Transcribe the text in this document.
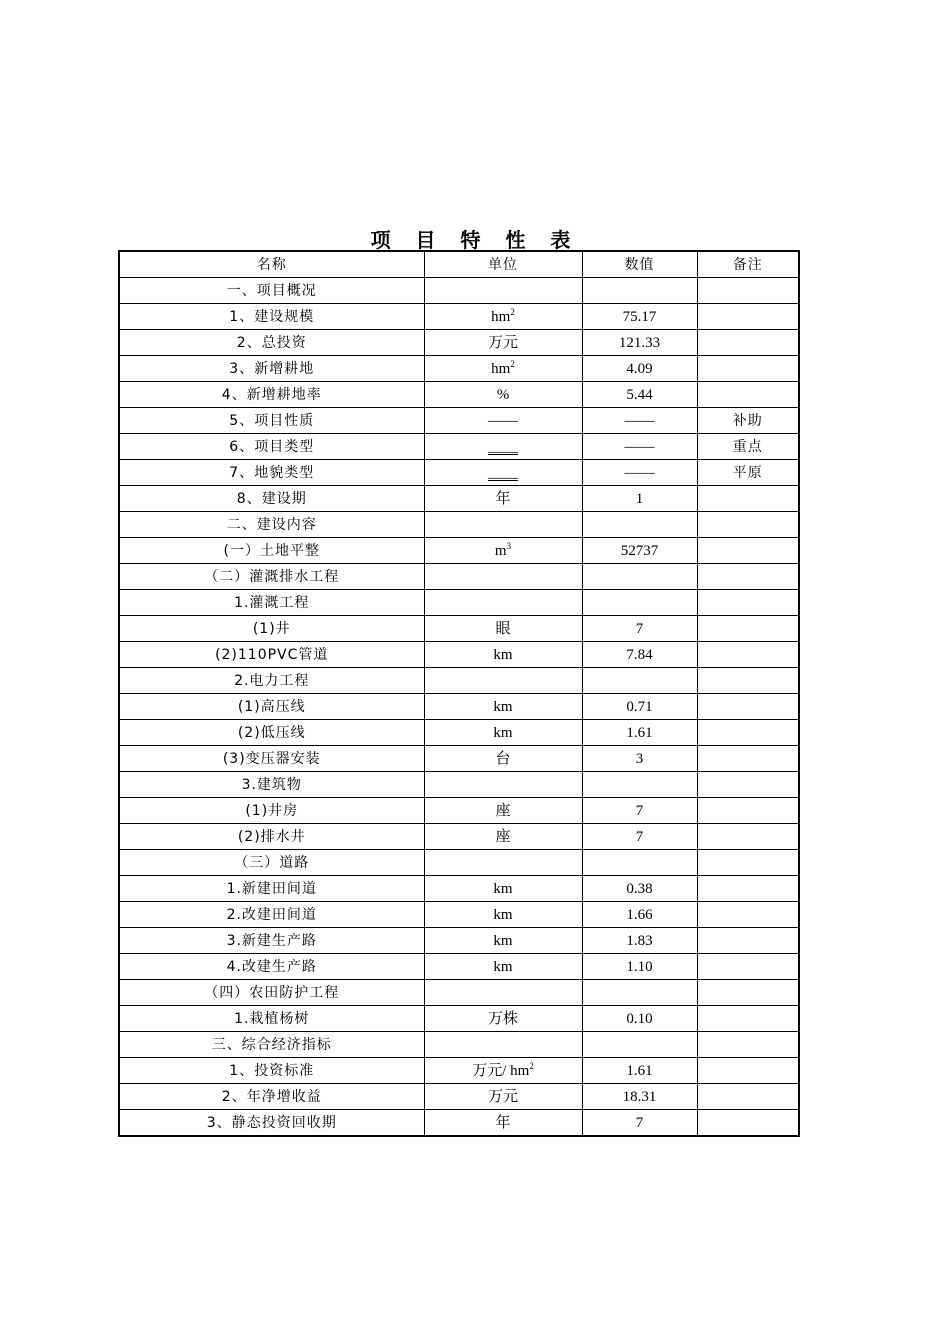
项 目 特 性 表
名称	单位	数值	备注
一、项目概况			
1、建设规模	$hm^2$	75.17	
2、总投资	万元	121.33	
3、新增耕地	$hm^2$	4.09	
4、新增耕地率	%	5.44	
5、项目性质	——	——	补助
6、项目类型	____	——	重点
7、地貌类型	____	——	平原
8、建设期	年	1	
二、建设内容			
(一）土地平整	$m^3$	52737	
（二）灌溉排水工程			
1.灌溉工程			
(1)井	眼	7	
(2)110PVC管道	km	7.84	
2.电力工程			
(1)高压线	km	0.71	
(2)低压线	km	1.61	
(3)变压器安装	台	3	
3.建筑物			
(1)井房	座	7	
(2)排水井	座	7	
（三）道路			
1.新建田间道	km	0.38	
2.改建田间道	km	1.66	
3.新建生产路	km	1.83	
4.改建生产路	km	1.10	
（四）农田防护工程			
1.栽植杨树	万株	0.10	
三、综合经济指标			
1、投资标准	万元/ $hm^2$	1.61	
2、年净增收益	万元	18.31	
3、静态投资回收期	年	7	
